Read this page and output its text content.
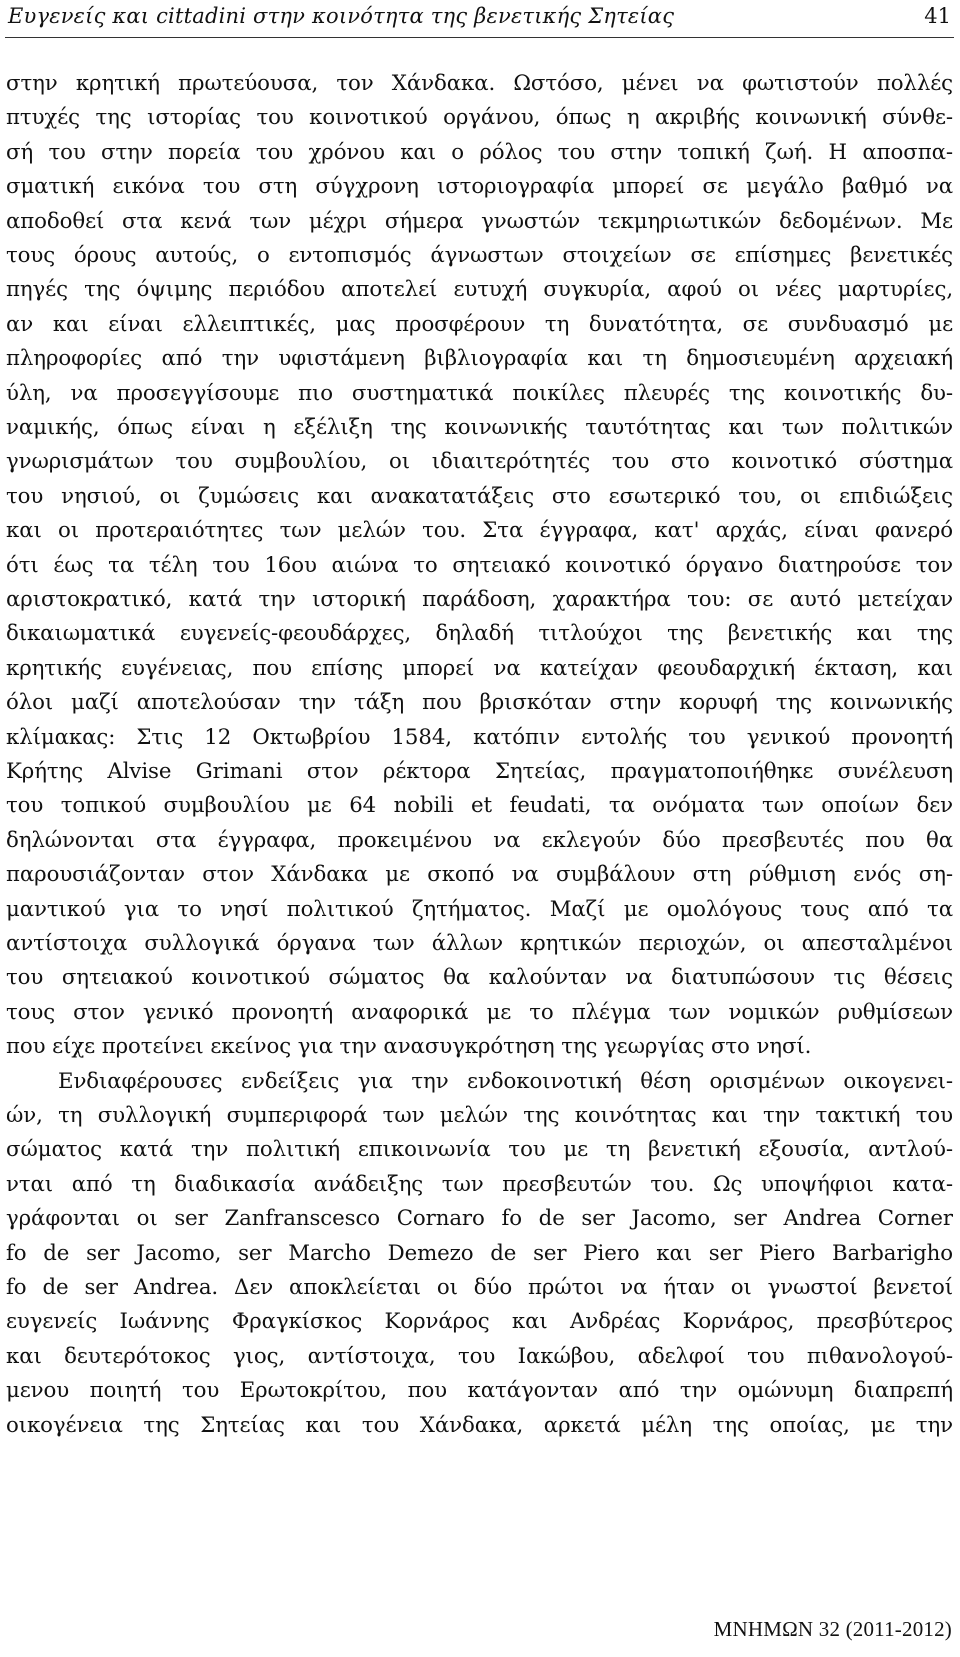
Ευγενείς και cittadini στην κοινότητα της βενετικής Σητείας	41
στην κρητική πρωτεύουσα, τον Χάνδακα. Ωστόσο, μένει να φωτιστούν πολλές
πτυχές της ιστορίας του κοινοτικού οργάνου, όπως η ακριβής κοινωνική σύνθε-
σή του στην πορεία του χρόνου και ο ρόλος του στην τοπική ζωή. Η αποσπα-
σματική εικόνα του στη σύγχρονη ιστοριογραφία μπορεί σε μεγάλο βαθμό να
αποδοθεί στα κενά των μέχρι σήμερα γνωστών τεκμηριωτικών δεδομένων. Με
τους όρους αυτούς, ο εντοπισμός άγνωστων στοιχείων σε επίσημες βενετικές
πηγές της όψιμης περιόδου αποτελεί ευτυχή συγκυρία, αφού οι νέες μαρτυρίες,
αν και είναι ελλειπτικές, μας προσφέρουν τη δυνατότητα, σε συνδυασμό με
πληροφορίες από την υφιστάμενη βιβλιογραφία και τη δημοσιευμένη αρχειακή
ύλη, να προσεγγίσουμε πιο συστηματικά ποικίλες πλευρές της κοινοτικής δυ-
ναμικής, όπως είναι η εξέλιξη της κοινωνικής ταυτότητας και των πολιτικών
γνωρισμάτων του συμβουλίου, οι ιδιαιτερότητές του στο κοινοτικό σύστημα
του νησιού, οι ζυμώσεις και ανακατατάξεις στο εσωτερικό του, οι επιδιώξεις
και οι προτεραιότητες των μελών του. Στα έγγραφα, κατ' αρχάς, είναι φανερό
ότι έως τα τέλη του 16ου αιώνα το σητειακό κοινοτικό όργανο διατηρούσε τον
αριστοκρατικό, κατά την ιστορική παράδοση, χαρακτήρα του: σε αυτό μετείχαν
δικαιωματικά ευγενείς-φεουδάρχες, δηλαδή τιτλούχοι της βενετικής και της
κρητικής ευγένειας, που επίσης μπορεί να κατείχαν φεουδαρχική έκταση, και
όλοι μαζί αποτελούσαν την τάξη που βρισκόταν στην κορυφή της κοινωνικής
κλίμακας: Στις 12 Οκτωβρίου 1584, κατόπιν εντολής του γενικού προνοητή
Κρήτης Alvise Grimani στον ρέκτορα Σητείας, πραγματοποιήθηκε συνέλευση
του τοπικού συμβουλίου με 64 nobili et feudati, τα ονόματα των οποίων δεν
δηλώνονται στα έγγραφα, προκειμένου να εκλεγούν δύο πρεσβευτές που θα
παρουσιάζονταν στον Χάνδακα με σκοπό να συμβάλουν στη ρύθμιση ενός ση-
μαντικού για το νησί πολιτικού ζητήματος. Μαζί με ομολόγους τους από τα
αντίστοιχα συλλογικά όργανα των άλλων κρητικών περιοχών, οι απεσταλμένοι
του σητειακού κοινοτικού σώματος θα καλούνταν να διατυπώσουν τις θέσεις
τους στον γενικό προνοητή αναφορικά με το πλέγμα των νομικών ρυθμίσεων
που είχε προτείνει εκείνος για την ανασυγκρότηση της γεωργίας στο νησί.
Ενδιαφέρουσες ενδείξεις για την ενδοκοινοτική θέση ορισμένων οικογενει-
ών, τη συλλογική συμπεριφορά των μελών της κοινότητας και την τακτική του
σώματος κατά την πολιτική επικοινωνία του με τη βενετική εξουσία, αντλού-
νται από τη διαδικασία ανάδειξης των πρεσβευτών του. Ως υποψήφιοι κατα-
γράφονται οι ser Zanfranscesco Cornaro fo de ser Jacomo, ser Andrea Corner
fo de ser Jacomo, ser Marcho Demezo de ser Piero και ser Piero Barbarigho
fo de ser Andrea. Δεν αποκλείεται οι δύο πρώτοι να ήταν οι γνωστοί βενετοί
ευγενείς Ιωάννης Φραγκίσκος Κορνάρος και Ανδρέας Κορνάρος, πρεσβύτερος
και δευτερότοκος γιος, αντίστοιχα, του Ιακώβου, αδελφοί του πιθανολογού-
μενου ποιητή του Ερωτοκρίτου, που κατάγονταν από την ομώνυμη διαπρεπή
οικογένεια της Σητείας και του Χάνδακα, αρκετά μέλη της οποίας, με την
ΜΝΗΜΩΝ 32 (2011-2012)
